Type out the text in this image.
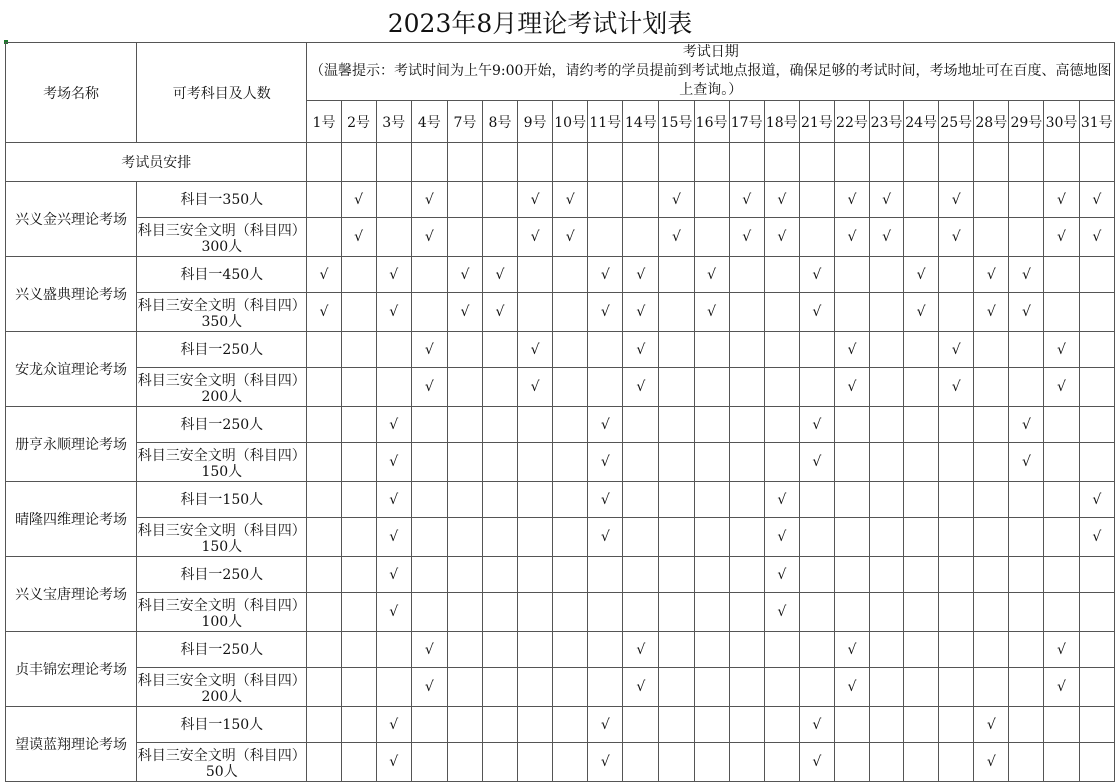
2023年8月理论考试计划表
考场名称	可考科目及人数	考试日期
（温馨提示：考试时间为上午9:00开始，请约考的学员提前到考试地点报道，确保足够的考试时间，考场地址可在百度、高德地图上查询。）																						
		1号	2号	3号	4号	7号	8号	9号	10号	11号	14号	15号	16号	17号	18号	21号	22号	23号	24号	25号	28号	29号	30号	31号
考试员安排																								
兴义金兴理论考场	科目一350人		√		√			√	√			√		√	√		√	√		√			√	√
	科目三安全文明（科目四）300人		√		√			√	√			√		√	√		√	√		√			√	√
兴义盛典理论考场	科目一450人	√		√		√	√			√	√		√			√			√		√	√		
	科目三安全文明（科目四）350人	√		√		√	√			√	√		√			√			√		√	√		
安龙众谊理论考场	科目一250人				√			√			√						√			√			√	
	科目三安全文明（科目四）200人				√			√			√						√			√			√	
册亨永顺理论考场	科目一250人			√						√						√						√		
	科目三安全文明（科目四）150人			√						√						√						√		
晴隆四维理论考场	科目一150人			√						√					√									√
	科目三安全文明（科目四）150人			√						√					√									√
兴义宝唐理论考场	科目一250人			√											√									
	科目三安全文明（科目四）100人			√											√									
贞丰锦宏理论考场	科目一250人				√						√						√						√	
	科目三安全文明（科目四）200人				√						√						√						√	
望谟蓝翔理论考场	科目一150人			√						√						√					√			
	科目三安全文明（科目四）50人			√						√						√					√			
